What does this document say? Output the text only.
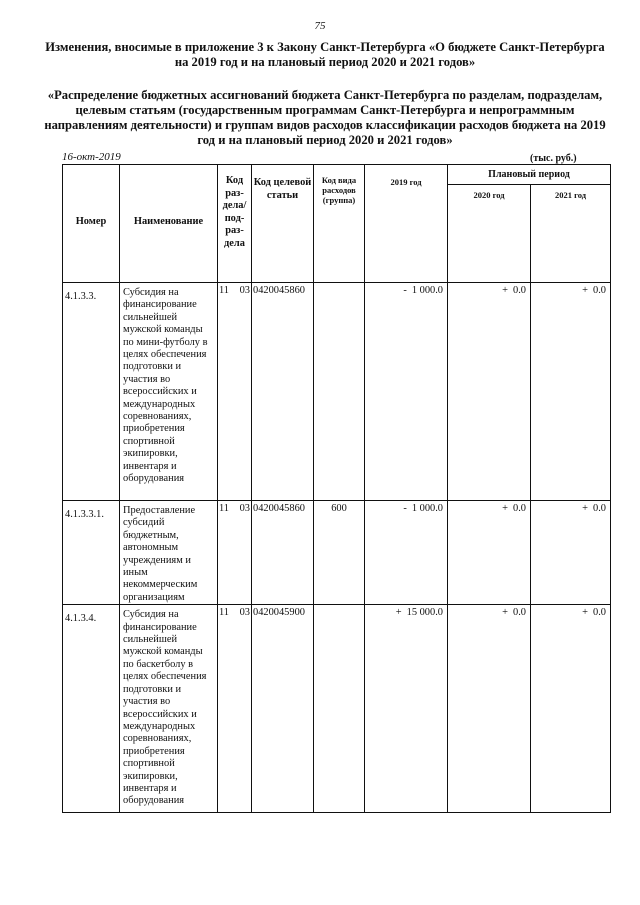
75
Изменения, вносимые в приложение 3 к Закону Санкт-Петербурга «О бюджете Санкт-Петербурга на 2019 год и на плановый период 2020 и 2021 годов»
«Распределение бюджетных ассигнований бюджета Санкт-Петербурга по разделам, подразделам, целевым статьям (государственным программам Санкт-Петербурга и непрограммным направлениям деятельности) и группам видов расходов классификации расходов бюджета на 2019 год и на плановый период 2020 и 2021 годов»
16-окт-2019	(тыс. руб.)
Номер	Наименование	Код раз-дела/ под-раз-дела	Код целевой статьи	Код вида расходов (группа)	2019 год	Плановый период	
						2020 год	2021 год
4.1.3.3.	Субсидия на финансирование сильнейшей мужской команды по мини-футболу в целях обеспечения подготовки и участия во всероссийских и международных соревнованиях, приобретения спортивной экипировки, инвентаря и оборудования	11 03	0420045860		- 1 000.0	+ 0.0	+ 0.0
4.1.3.3.1.	Предоставление субсидий бюджетным, автономным учреждениям и иным некоммерческим организациям	11 03	0420045860	600	- 1 000.0	+ 0.0	+ 0.0
4.1.3.4.	Субсидия на финансирование сильнейшей мужской команды по баскетболу в целях обеспечения подготовки и участия во всероссийских и международных соревнованиях, приобретения спортивной экипировки, инвентаря и оборудования	11 03	0420045900		+ 15 000.0	+ 0.0	+ 0.0
